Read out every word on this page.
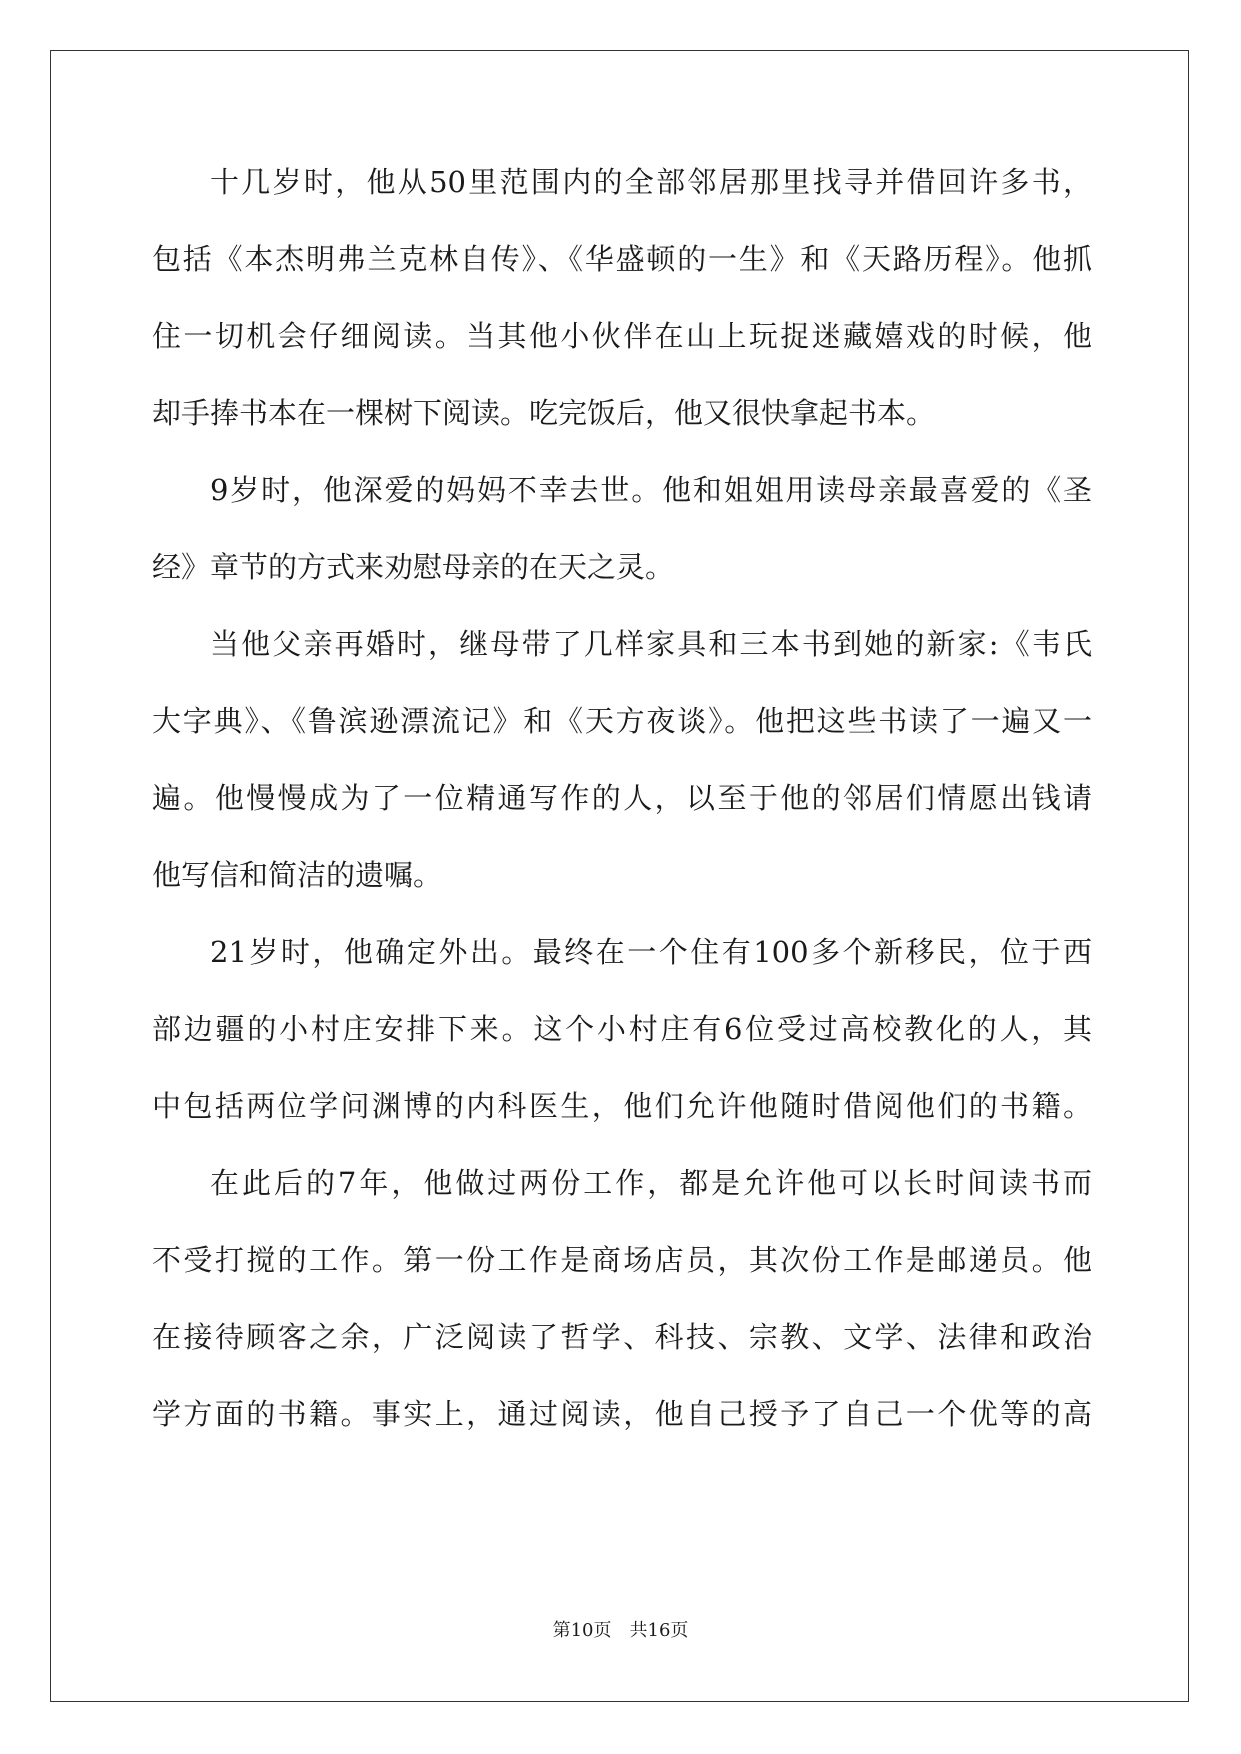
十几岁时，他从50里范围内的全部邻居那里找寻并借回许多书，
包括《本杰明弗兰克林自传》、《华盛顿的一生》和《天路历程》。他抓
住一切机会仔细阅读。当其他小伙伴在山上玩捉迷藏嬉戏的时候，他
却手捧书本在一棵树下阅读。吃完饭后，他又很快拿起书本。
9岁时，他深爱的妈妈不幸去世。他和姐姐用读母亲最喜爱的《圣
经》章节的方式来劝慰母亲的在天之灵。
当他父亲再婚时，继母带了几样家具和三本书到她的新家:《韦氏
大字典》、《鲁滨逊漂流记》和《天方夜谈》。他把这些书读了一遍又一
遍。他慢慢成为了一位精通写作的人，以至于他的邻居们情愿出钱请
他写信和简洁的遗嘱。
21岁时，他确定外出。最终在一个住有100多个新移民，位于西
部边疆的小村庄安排下来。这个小村庄有6位受过高校教化的人，其
中包括两位学问渊博的内科医生，他们允许他随时借阅他们的书籍。
在此后的7年，他做过两份工作，都是允许他可以长时间读书而
不受打搅的工作。第一份工作是商场店员，其次份工作是邮递员。他
在接待顾客之余，广泛阅读了哲学、科技、宗教、文学、法律和政治
学方面的书籍。事实上，通过阅读，他自己授予了自己一个优等的高
第10页 共16页
